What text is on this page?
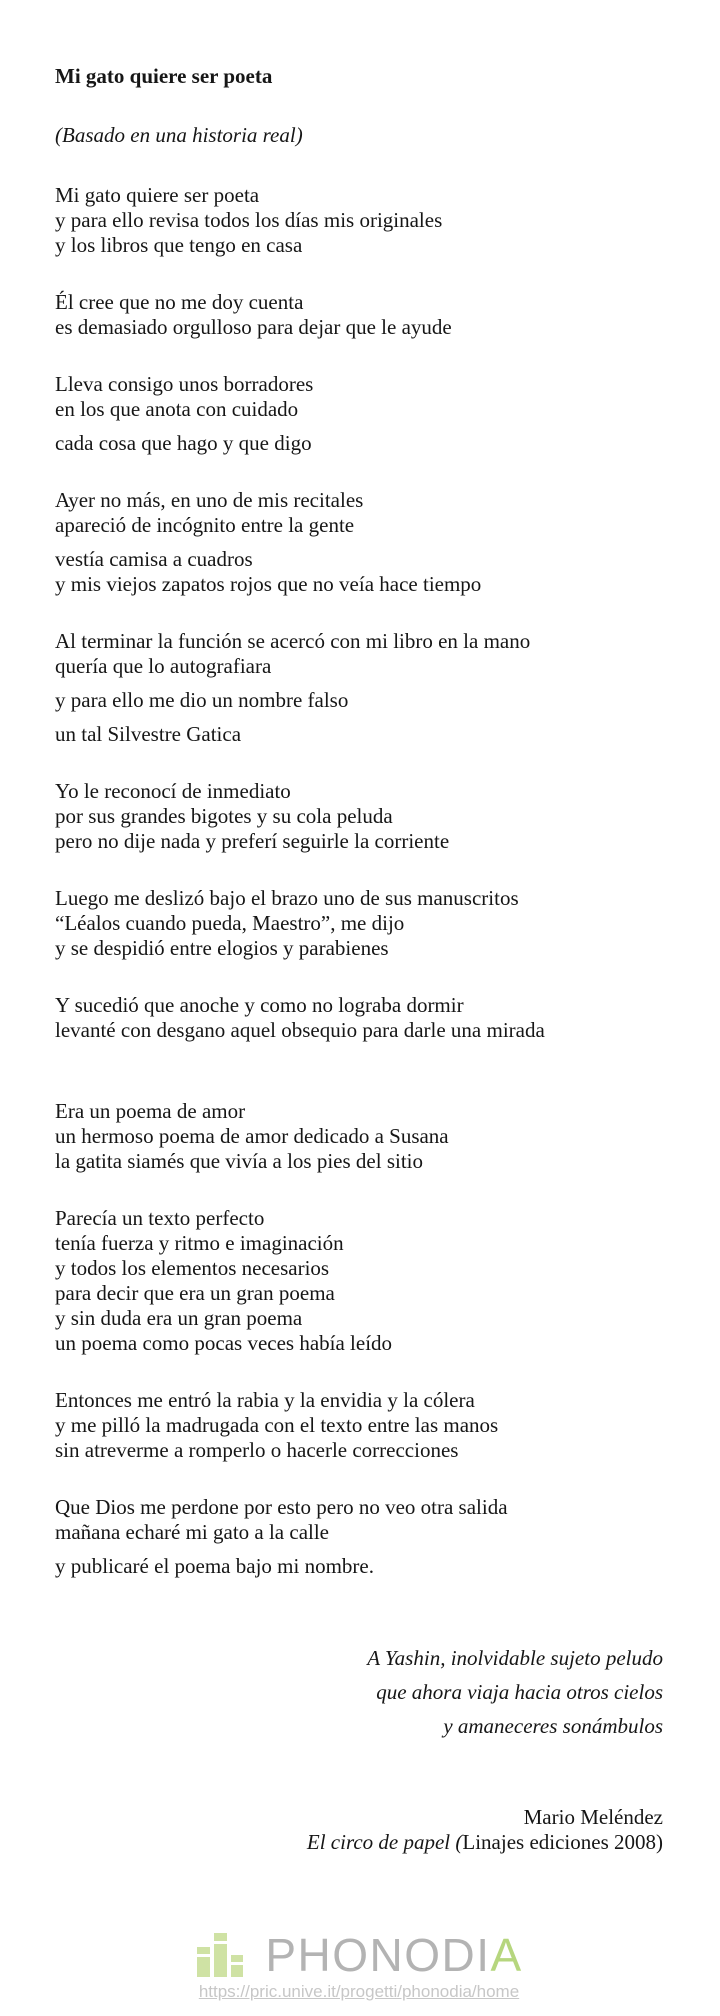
Mi gato quiere ser poeta

(Basado en una historia real)

Mi gato quiere ser poeta
y para ello revisa todos los días mis originales
y los libros que tengo en casa

Él cree que no me doy cuenta
es demasiado orgulloso para dejar que le ayude

Lleva consigo unos borradores
en los que anota con cuidado

cada cosa que hago y que digo

Ayer no más, en uno de mis recitales
apareció de incógnito entre la gente

vestía camisa a cuadros
y mis viejos zapatos rojos que no veía hace tiempo

Al terminar la función se acercó con mi libro en la mano
quería que lo autografiara

y para ello me dio un nombre falso

un tal Silvestre Gatica

Yo le reconocí de inmediato
por sus grandes bigotes y su cola peluda
pero no dije nada y preferí seguirle la corriente

Luego me deslizó bajo el brazo uno de sus manuscritos
“Léalos cuando pueda, Maestro”, me dijo
y se despidió entre elogios y parabienes

Y sucedió que anoche y como no lograba dormir
levanté con desgano aquel obsequio para darle una mirada

Era un poema de amor
un hermoso poema de amor dedicado a Susana
la gatita siamés que vivía a los pies del sitio

Parecía un texto perfecto
tenía fuerza y ritmo e imaginación
y todos los elementos necesarios
para decir que era un gran poema
y sin duda era un gran poema
un poema como pocas veces había leído

Entonces me entró la rabia y la envidia y la cólera
y me pilló la madrugada con el texto entre las manos
sin atreverme a romperlo o hacerle correcciones

Que Dios me perdone por esto pero no veo otra salida
mañana echaré mi gato a la calle

y publicaré el poema bajo mi nombre.

A Yashin, inolvidable sujeto peludo

que ahora viaja hacia otros cielos

y amaneceres sonámbulos

Mario Meléndez

El circo de papel (Linajes ediciones 2008)

PHONODIA
https://pric.unive.it/progetti/phonodia/home
